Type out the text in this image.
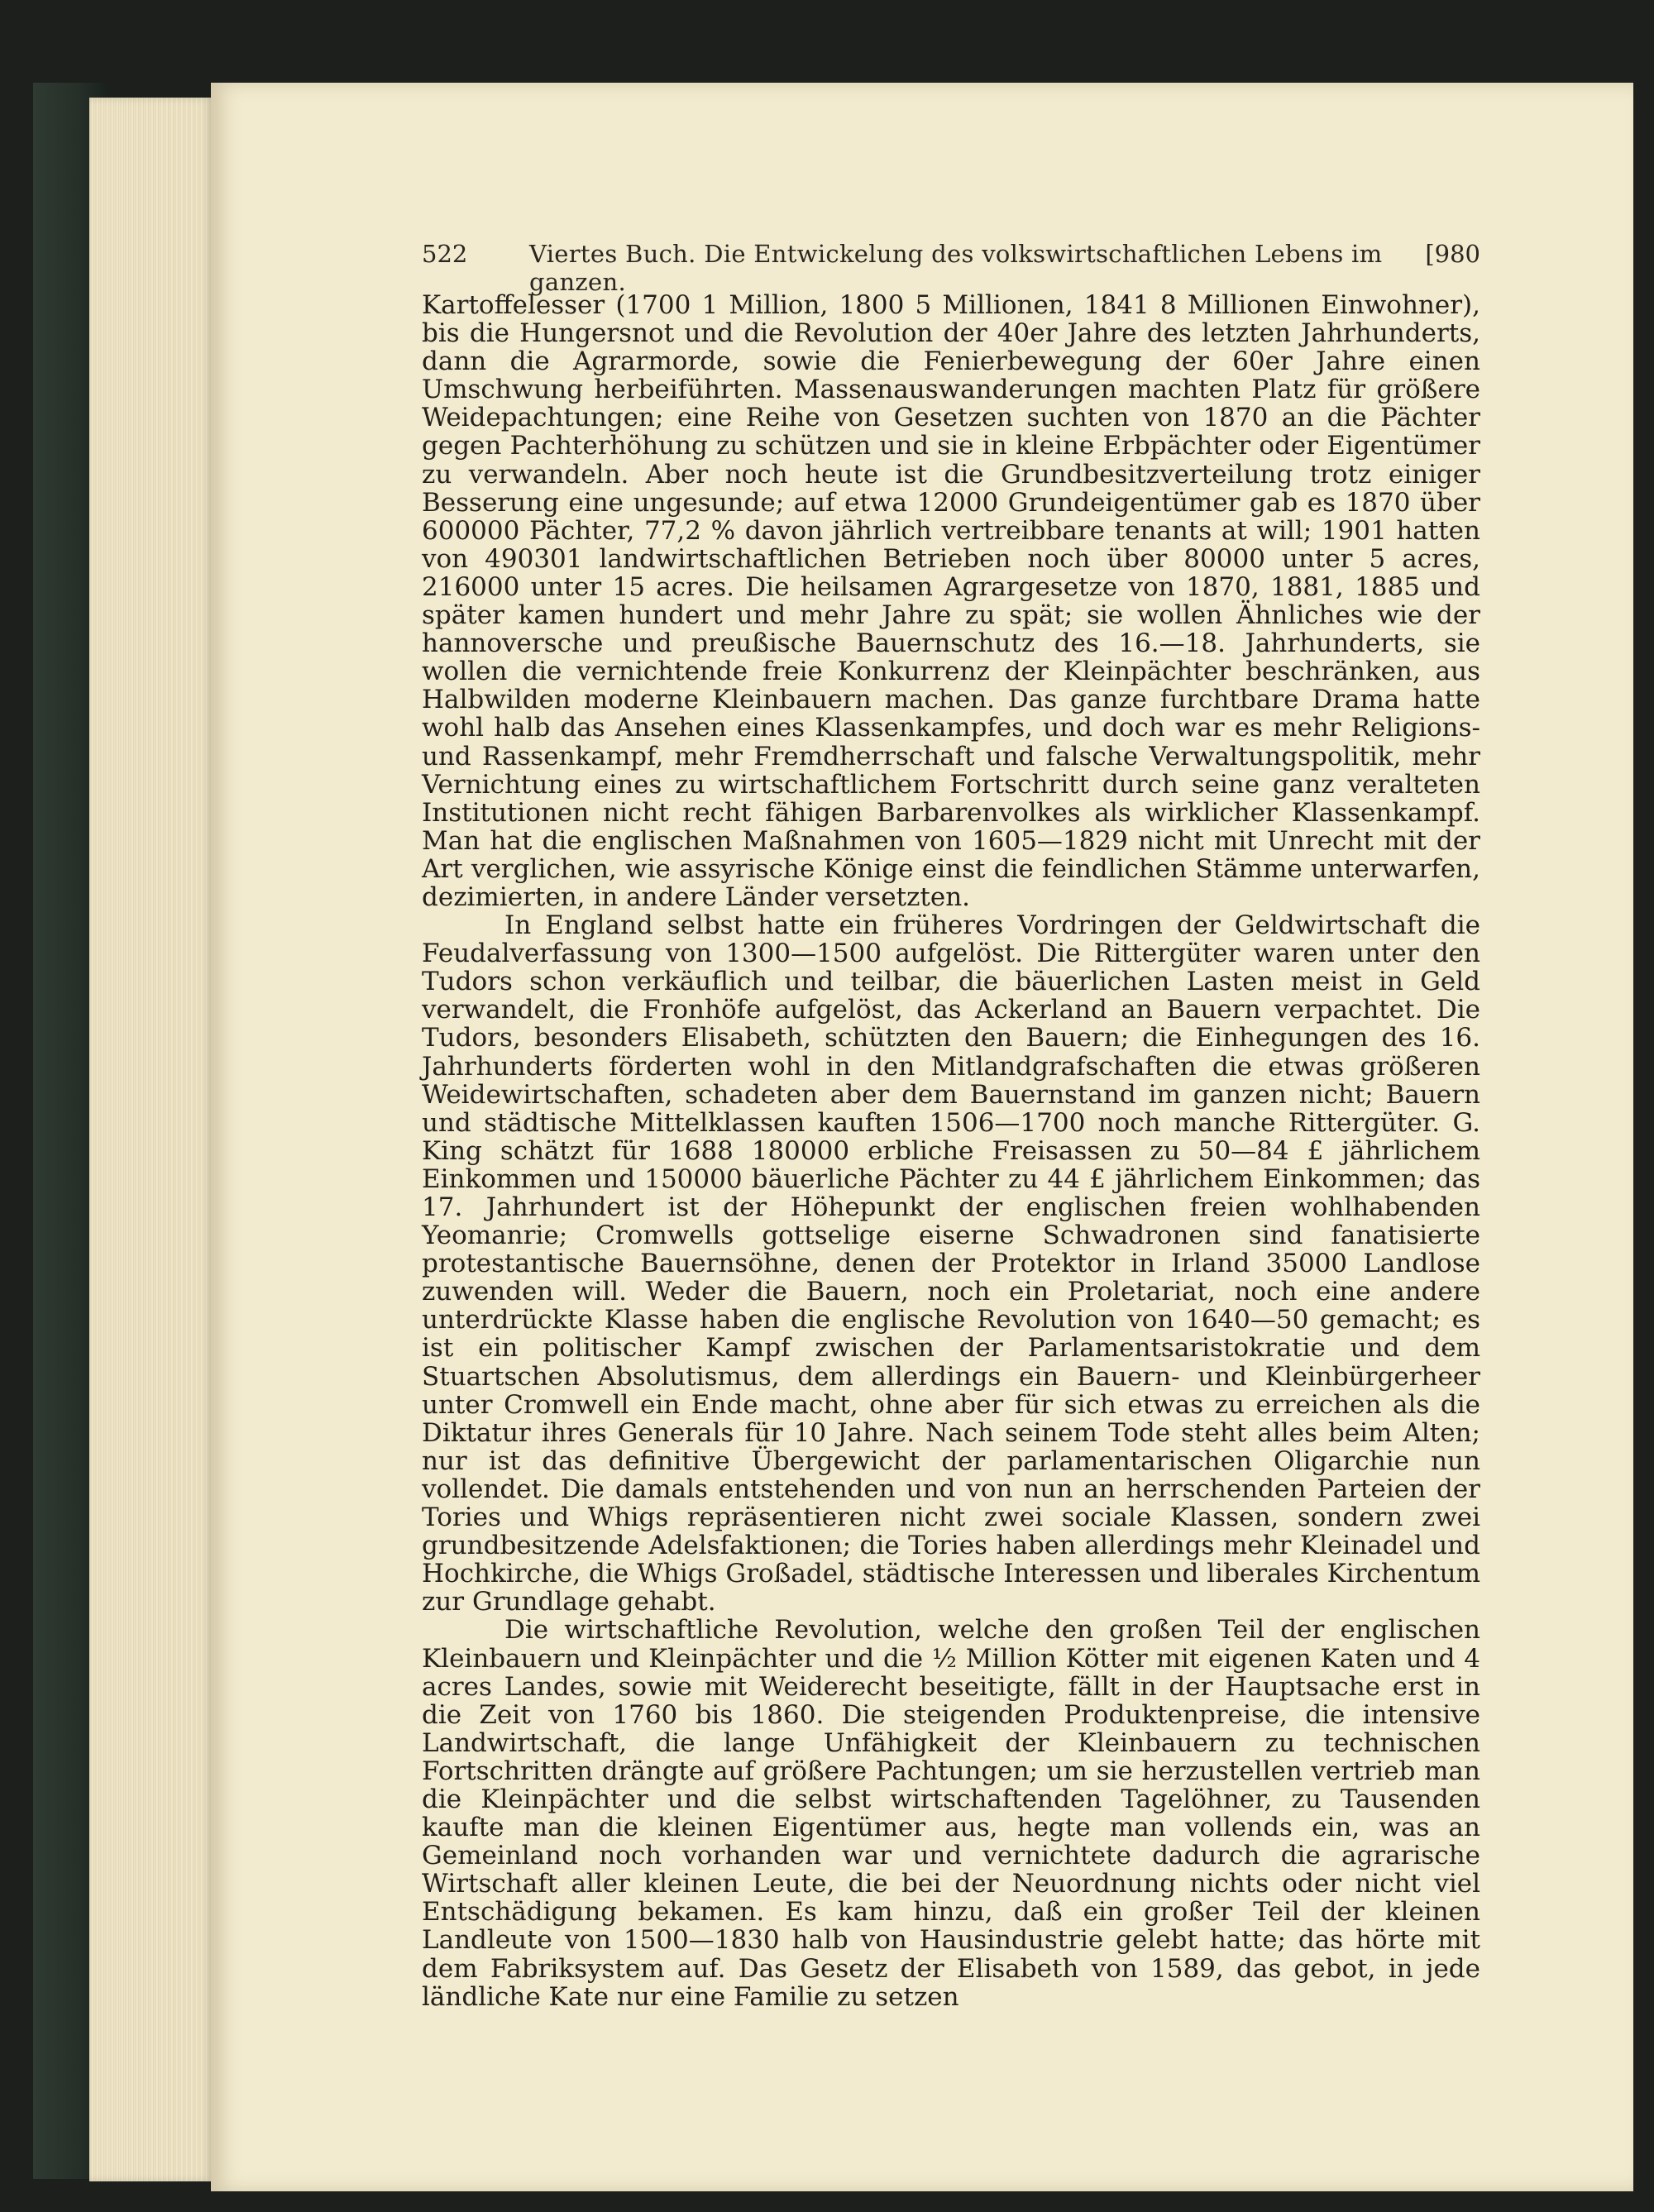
522	Viertes Buch. Die Entwickelung des volkswirtschaftlichen Lebens im ganzen.
[980

Kartoffelesser (1700 1 Million, 1800 5 Millionen, 1841 8 Millionen Einwohner), bis die Hungersnot und die Revolution der 40er Jahre des letzten Jahrhunderts, dann die Agrarmorde, sowie die Fenierbewegung der 60er Jahre einen Umschwung herbeiführten. Massenauswanderungen machten Platz für größere Weidepachtungen; eine Reihe von Gesetzen suchten von 1870 an die Pächter gegen Pachterhöhung zu schützen und sie in kleine Erbpächter oder Eigentümer zu verwandeln. Aber noch heute ist die Grundbesitzverteilung trotz einiger Besserung eine ungesunde; auf etwa 12000 Grundeigentümer gab es 1870 über 600000 Pächter, 77,2 % davon jährlich vertreibbare tenants at will; 1901 hatten von 490301 landwirtschaftlichen Betrieben noch über 80000 unter 5 acres, 216000 unter 15 acres. Die heilsamen Agrargesetze von 1870, 1881, 1885 und später kamen hundert und mehr Jahre zu spät; sie wollen Ähnliches wie der hannoversche und preußische Bauernschutz des 16.—18. Jahrhunderts, sie wollen die vernichtende freie Konkurrenz der Kleinpächter beschränken, aus Halbwilden moderne Kleinbauern machen. Das ganze furchtbare Drama hatte wohl halb das Ansehen eines Klassenkampfes, und doch war es mehr Religions- und Rassenkampf, mehr Fremdherrschaft und falsche Verwaltungspolitik, mehr Vernichtung eines zu wirtschaftlichem Fortschritt durch seine ganz veralteten Institutionen nicht recht fähigen Barbarenvolkes als wirklicher Klassenkampf. Man hat die englischen Maßnahmen von 1605—1829 nicht mit Unrecht mit der Art verglichen, wie assyrische Könige einst die feindlichen Stämme unterwarfen, dezimierten, in andere Länder versetzten.

In England selbst hatte ein früheres Vordringen der Geldwirtschaft die Feudalverfassung von 1300—1500 aufgelöst. Die Rittergüter waren unter den Tudors schon verkäuflich und teilbar, die bäuerlichen Lasten meist in Geld verwandelt, die Fronhöfe aufgelöst, das Ackerland an Bauern verpachtet. Die Tudors, besonders Elisabeth, schützten den Bauern; die Einhegungen des 16. Jahrhunderts förderten wohl in den Mitlandgrafschaften die etwas größeren Weidewirtschaften, schadeten aber dem Bauernstand im ganzen nicht; Bauern und städtische Mittelklassen kauften 1506—1700 noch manche Rittergüter. G. King schätzt für 1688 180000 erbliche Freisassen zu 50—84 £ jährlichem Einkommen und 150000 bäuerliche Pächter zu 44 £ jährlichem Einkommen; das 17. Jahrhundert ist der Höhepunkt der englischen freien wohlhabenden Yeomanrie; Cromwells gottselige eiserne Schwadronen sind fanatisierte protestantische Bauernsöhne, denen der Protektor in Irland 35000 Landlose zuwenden will. Weder die Bauern, noch ein Proletariat, noch eine andere unterdrückte Klasse haben die englische Revolution von 1640—50 gemacht; es ist ein politischer Kampf zwischen der Parlamentsaristokratie und dem Stuartschen Absolutismus, dem allerdings ein Bauern- und Kleinbürgerheer unter Cromwell ein Ende macht, ohne aber für sich etwas zu erreichen als die Diktatur ihres Generals für 10 Jahre. Nach seinem Tode steht alles beim Alten; nur ist das definitive Übergewicht der parlamentarischen Oligarchie nun vollendet. Die damals entstehenden und von nun an herrschenden Parteien der Tories und Whigs repräsentieren nicht zwei sociale Klassen, sondern zwei grundbesitzende Adelsfaktionen; die Tories haben allerdings mehr Kleinadel und Hochkirche, die Whigs Großadel, städtische Interessen und liberales Kirchentum zur Grundlage gehabt.

Die wirtschaftliche Revolution, welche den großen Teil der englischen Kleinbauern und Kleinpächter und die ½ Million Kötter mit eigenen Katen und 4 acres Landes, sowie mit Weiderecht beseitigte, fällt in der Hauptsache erst in die Zeit von 1760 bis 1860. Die steigenden Produktenpreise, die intensive Landwirtschaft, die lange Unfähigkeit der Kleinbauern zu technischen Fortschritten drängte auf größere Pachtungen; um sie herzustellen vertrieb man die Kleinpächter und die selbst wirtschaftenden Tagelöhner, zu Tausenden kaufte man die kleinen Eigentümer aus, hegte man vollends ein, was an Gemeinland noch vorhanden war und vernichtete dadurch die agrarische Wirtschaft aller kleinen Leute, die bei der Neuordnung nichts oder nicht viel Entschädigung bekamen. Es kam hinzu, daß ein großer Teil der kleinen Landleute von 1500—1830 halb von Hausindustrie gelebt hatte; das hörte mit dem Fabriksystem auf. Das Gesetz der Elisabeth von 1589, das gebot, in jede ländliche Kate nur eine Familie zu setzen
